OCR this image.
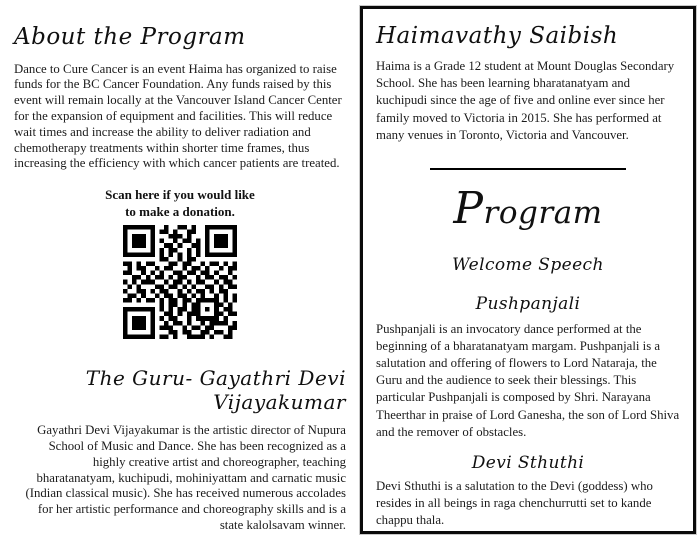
About the Program

Dance to Cure Cancer is an event Haima has organized to raise funds for the BC Cancer Foundation. Any funds raised by this event will remain locally at the Vancouver Island Cancer Center for the expansion of equipment and facilities. This will reduce wait times and increase the ability to deliver radiation and chemotherapy treatments within shorter time frames, thus increasing the efficiency with which cancer patients are treated.

Scan here if you would like
to make a donation.
The Guru- Gayathri Devi Vijayakumar

Gayathri Devi Vijayakumar is the artistic director of Nupura School of Music and Dance. She has been recognized as a highly creative artist and choreographer, teaching bharatanatyam, kuchipudi, mohiniyattam and carnatic music (Indian classical music). She has received numerous accolades for her artistic performance and choreography skills and is a state kalolsavam winner.

Haimavathy Saibish

Haima is a Grade 12 student at Mount Douglas Secondary School. She has been learning bharatanatyam and kuchipudi since the age of five and online ever since her family moved to Victoria in 2015. She has performed at many venues in Toronto, Victoria and Vancouver.

Program
Welcome Speech
Pushpanjali

Pushpanjali is an invocatory dance performed at the beginning of a bharatanatyam margam. Pushpanjali is a salutation and offering of flowers to Lord Nataraja, the Guru and the audience to seek their blessings. This particular Pushpanjali is composed by Shri. Narayana Theerthar in praise of Lord Ganesha, the son of Lord Shiva and the remover of obstacles.

Devi Sthuthi

Devi Sthuthi is a salutation to the Devi (goddess) who resides in all beings in raga chenchurrutti set to kande chappu thala.
